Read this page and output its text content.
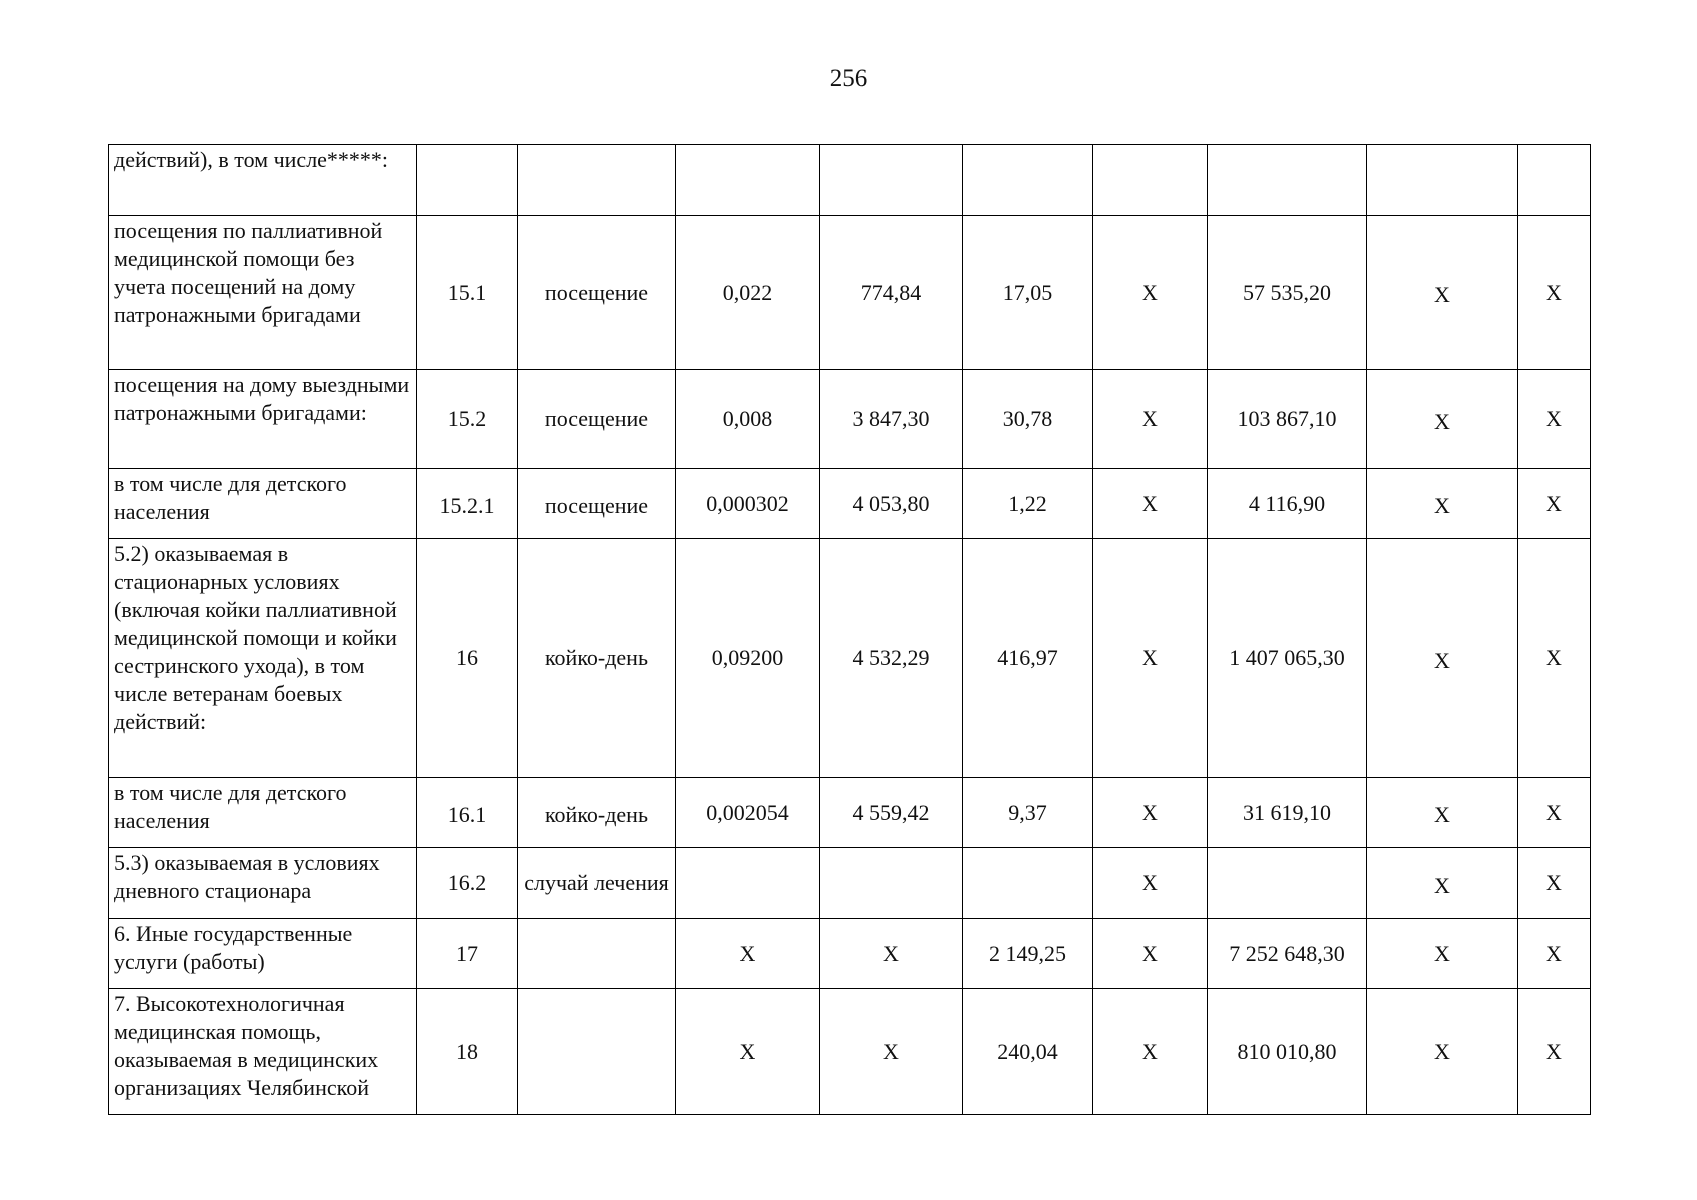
256
действий), в том числе*****:									
посещения по паллиативной медицинской помощи без учета посещений на дому патронажными бригадами	15.1	посещение	0,022	774,84	17,05	X	57 535,20	X	X
посещения на дому выездными патронажными бригадами:	15.2	посещение	0,008	3 847,30	30,78	X	103 867,10	X	X
в том числе для детского населения	15.2.1	посещение	0,000302	4 053,80	1,22	X	4 116,90	X	X
5.2) оказываемая в стационарных условиях (включая койки паллиативной медицинской помощи и койки сестринского ухода), в том числе ветеранам боевых действий:	16	койко-день	0,09200	4 532,29	416,97	X	1 407 065,30	X	X
в том числе для детского населения	16.1	койко-день	0,002054	4 559,42	9,37	X	31 619,10	X	X
5.3) оказываемая в условиях дневного стационара	16.2	случай лечения				X		X	X
6. Иные государственные услуги (работы)	17		X	X	2 149,25	X	7 252 648,30	X	X
7. Высокотехнологичная медицинская помощь, оказываемая в медицинских организациях Челябинской	18		X	X	240,04	X	810 010,80	X	X
